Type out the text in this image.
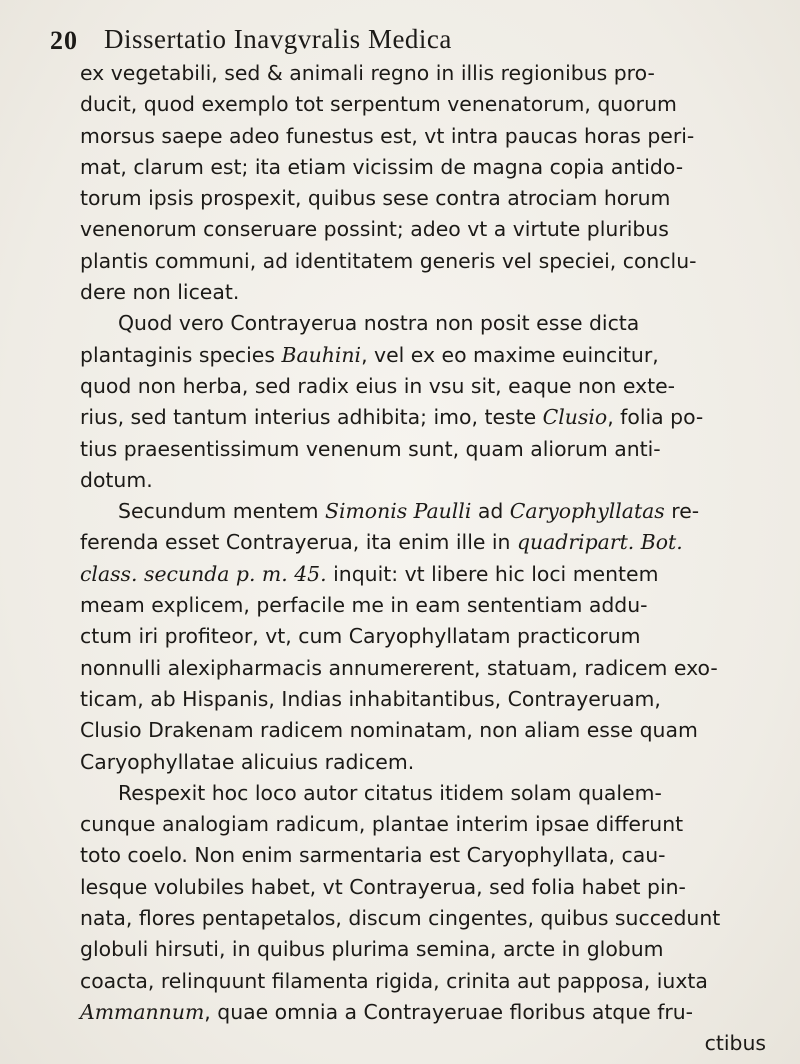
20 Dissertatio Inavgvralis Medica
ex vegetabili, sed & animali regno in illis regionibus pro-
ducit, quod exemplo tot serpentum venenatorum, quorum
morsus saepe adeo funestus est, vt intra paucas horas peri-
mat, clarum est; ita etiam vicissim de magna copia antido-
torum ipsis prospexit, quibus sese contra atrociam horum
venenorum conseruare possint; adeo vt a virtute pluribus
plantis communi, ad identitatem generis vel speciei, conclu-
dere non liceat.
Quod vero Contrayerua nostra non posit esse dicta
plantaginis species Bauhini, vel ex eo maxime euincitur,
quod non herba, sed radix eius in vsu sit, eaque non exte-
rius, sed tantum interius adhibita; imo, teste Clusio, folia po-
tius praesentissimum venenum sunt, quam aliorum anti-
dotum.
Secundum mentem Simonis Paulli ad Caryophyllatas re-
ferenda esset Contrayerua, ita enim ille in quadripart. Bot.
class. secunda p. m. 45. inquit: vt libere hic loci mentem
meam explicem, perfacile me in eam sententiam addu-
ctum iri profiteor, vt, cum Caryophyllatam practicorum
nonnulli alexipharmacis annumererent, statuam, radicem exo-
ticam, ab Hispanis, Indias inhabitantibus, Contrayeruam,
Clusio Drakenam radicem nominatam, non aliam esse quam
Caryophyllatae alicuius radicem.
Respexit hoc loco autor citatus itidem solam qualem-
cunque analogiam radicum, plantae interim ipsae differunt
toto coelo. Non enim sarmentaria est Caryophyllata, cau-
lesque volubiles habet, vt Contrayerua, sed folia habet pin-
nata, flores pentapetalos, discum cingentes, quibus succedunt
globuli hirsuti, in quibus plurima semina, arcte in globum
coacta, relinquunt filamenta rigida, crinita aut papposa, iuxta
Ammannum, quae omnia a Contrayeruae floribus atque fru-
ctibus
